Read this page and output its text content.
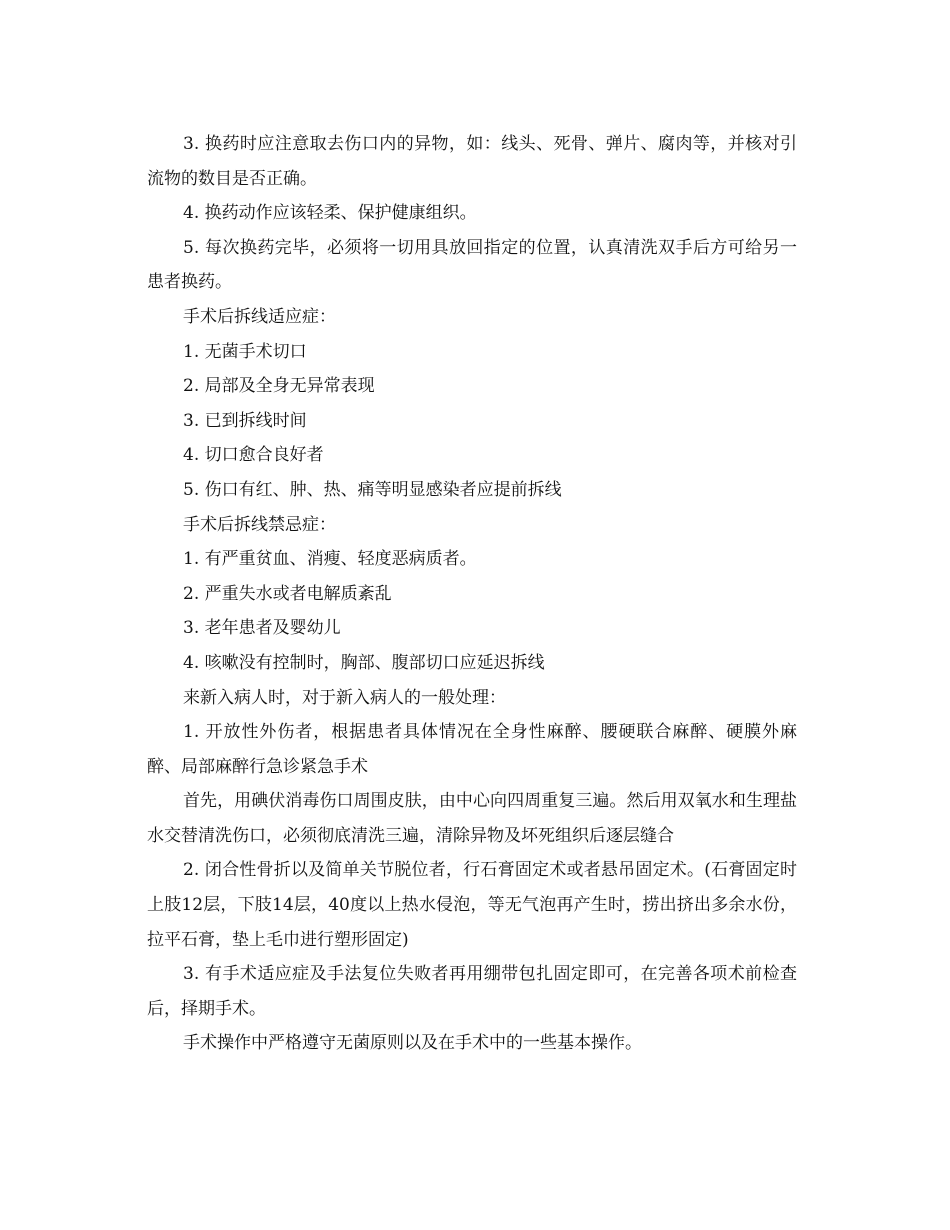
3. 换药时应注意取去伤口内的异物，如：线头、死骨、弹片、腐肉等，并核对引流物的数目是否正确。

4. 换药动作应该轻柔、保护健康组织。

5. 每次换药完毕，必须将一切用具放回指定的位置，认真清洗双手后方可给另一患者换药。

手术后拆线适应症：

1. 无菌手术切口

2. 局部及全身无异常表现

3. 已到拆线时间

4. 切口愈合良好者

5. 伤口有红、肿、热、痛等明显感染者应提前拆线

手术后拆线禁忌症：

1. 有严重贫血、消瘦、轻度恶病质者。

2. 严重失水或者电解质紊乱

3. 老年患者及婴幼儿

4. 咳嗽没有控制时，胸部、腹部切口应延迟拆线

来新入病人时，对于新入病人的一般处理：

1. 开放性外伤者，根据患者具体情况在全身性麻醉、腰硬联合麻醉、硬膜外麻醉、局部麻醉行急诊紧急手术

首先，用碘伏消毒伤口周围皮肤，由中心向四周重复三遍。然后用双氧水和生理盐水交替清洗伤口，必须彻底清洗三遍，清除异物及坏死组织后逐层缝合

2. 闭合性骨折以及简单关节脱位者，行石膏固定术或者悬吊固定术。(石膏固定时上肢12层，下肢14层，40度以上热水侵泡，等无气泡再产生时，捞出挤出多余水份，拉平石膏，垫上毛巾进行塑形固定)

3. 有手术适应症及手法复位失败者再用绷带包扎固定即可，在完善各项术前检查后，择期手术。

手术操作中严格遵守无菌原则以及在手术中的一些基本操作。
